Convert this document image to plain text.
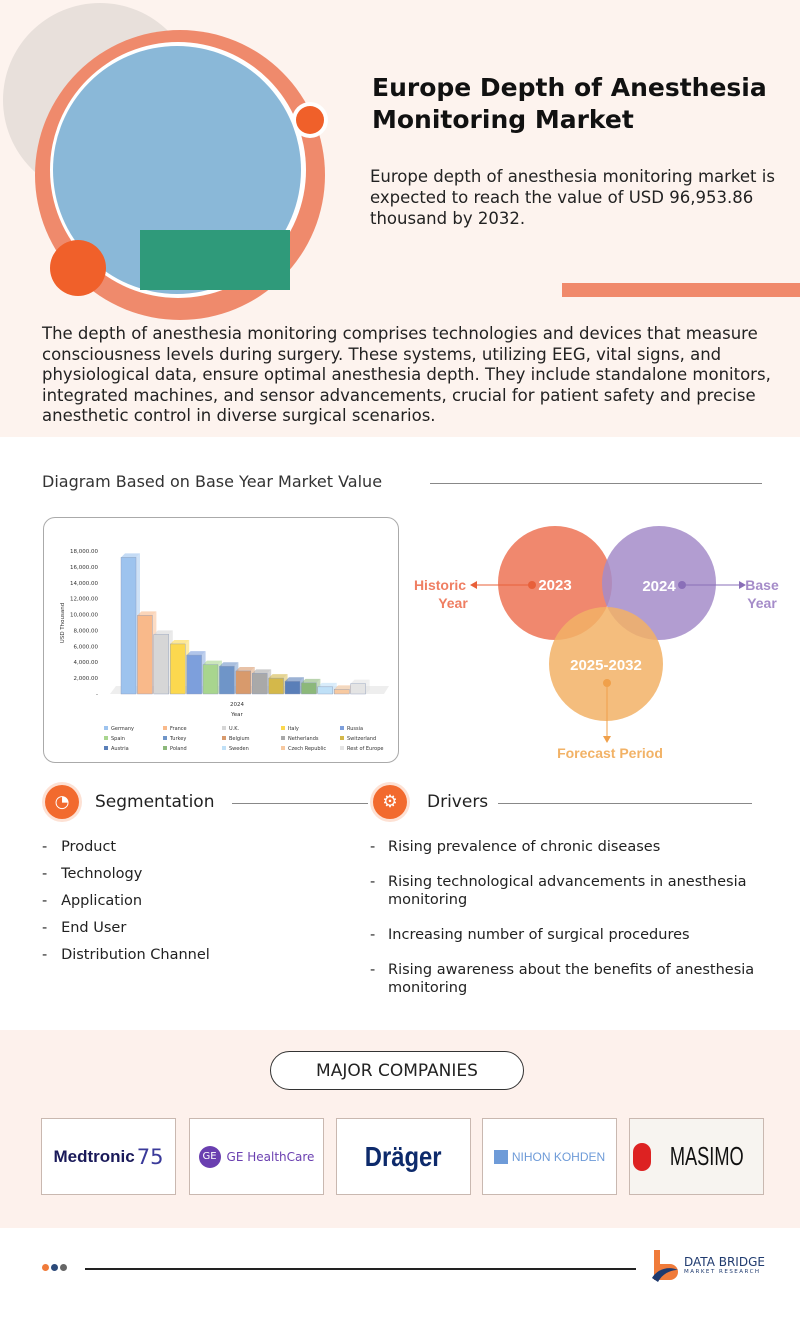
Europe Depth of Anesthesia Monitoring Market
Europe depth of anesthesia monitoring market is expected to reach the value of USD 96,953.86 thousand by 2032.
The depth of anesthesia monitoring comprises technologies and devices that measure consciousness levels during surgery. These systems, utilizing EEG, vital signs, and physiological data, ensure optimal anesthesia depth. They include standalone monitors, integrated machines, and sensor advancements, crucial for patient safety and precise anesthetic control in diverse surgical scenarios.
Diagram Based on Base Year Market Value
-
2,000.00
4,000.00
6,000.00
8,000.00
10,000.00
12,000.00
14,000.00
16,000.00
18,000.00
USD Thousand
2024
Year
Germany	France	U.K.	Italy	Russia
Spain	Turkey	Belgium	Netherlands	Switzerland
Austria	Poland	Sweden	Czech Republic	Rest of Europe
2023	2024
2025-2032
Historic
Year
Base
Year
Forecast Period
◔	Segmentation	⚙	Drivers
-   Product
-   Technology
-   Application
-   End User
-   Distribution Channel
- Rising prevalence of chronic diseases
- Rising technological advancements in anesthesia monitoring
- Increasing number of surgical procedures
- Rising awareness about the benefits of anesthesia monitoring
MAJOR COMPANIES
Medtronic 75	GE GE HealthCare Dräger	NIHON KOHDEN MASIMO
DATA BRIDGE
MARKET RESEARCH
